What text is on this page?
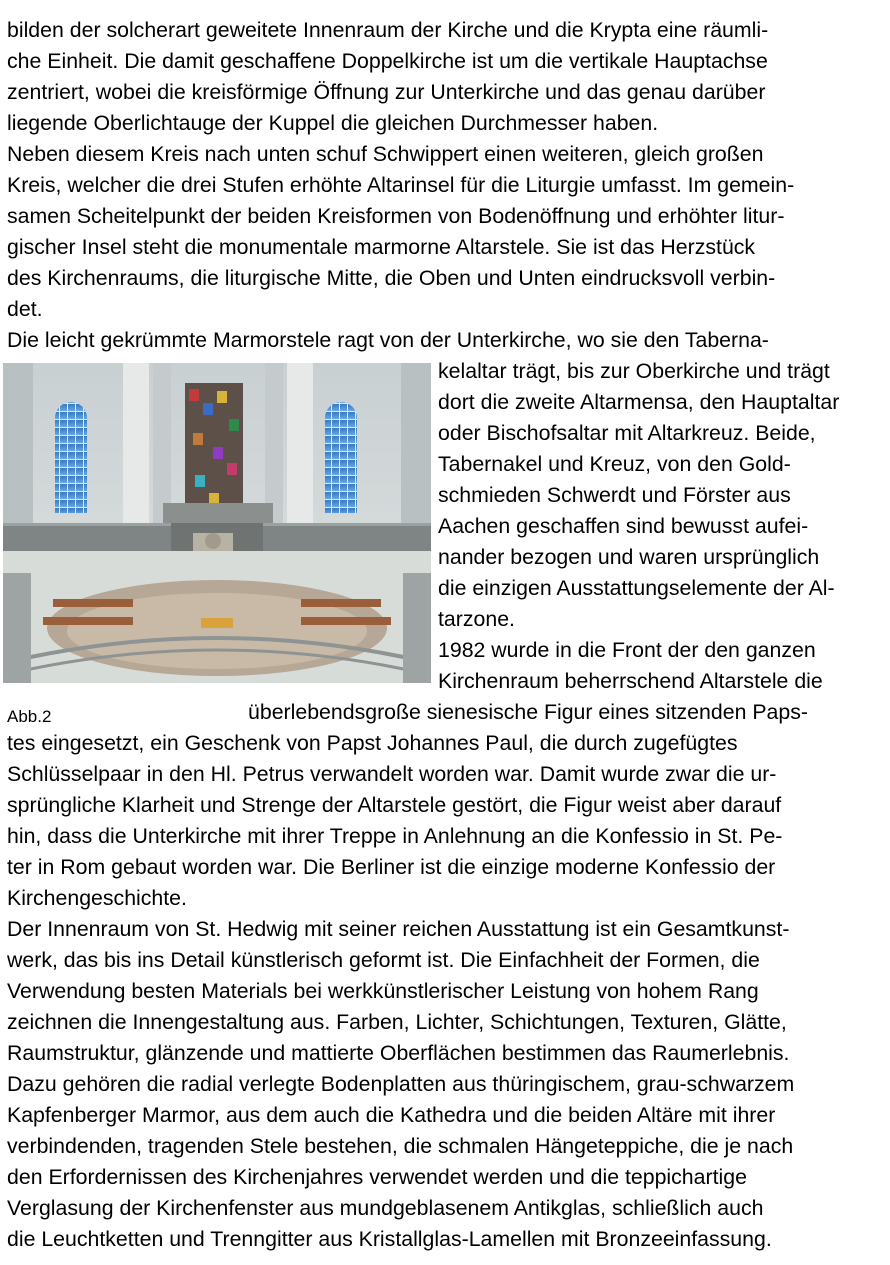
bilden der solcherart geweitete Innenraum der Kirche und die Krypta eine räumli-

che Einheit. Die damit geschaffene Doppelkirche ist um die vertikale Hauptachse

zentriert, wobei die kreisförmige Öffnung zur Unterkirche und das genau darüber

liegende Oberlichtauge der Kuppel die gleichen Durchmesser haben.

Neben diesem Kreis nach unten schuf Schwippert einen weiteren, gleich großen

Kreis, welcher die drei Stufen erhöhte Altarinsel für die Liturgie umfasst. Im gemein-

samen Scheitelpunkt der beiden Kreisformen von Bodenöffnung und erhöhter litur-

gischer Insel steht die monumentale marmorne Altarstele. Sie ist das Herzstück

des Kirchenraums, die liturgische Mitte, die Oben und Unten eindrucksvoll verbin-

det.

Die leicht gekrümmte Marmorstele ragt von der Unterkirche, wo sie den Taberna-

kelaltar trägt, bis zur Oberkirche und trägt

dort die zweite Altarmensa, den Hauptaltar

oder Bischofsaltar mit Altarkreuz. Beide,

Tabernakel und Kreuz, von den Gold-

schmieden Schwerdt und Förster aus

Aachen geschaffen sind bewusst aufei-

nander bezogen und waren ursprünglich

die einzigen Ausstattungselemente der Al-

tarzone.

1982 wurde in die Front der den ganzen

Kirchenraum beherrschend Altarstele die

Abb.2	überlebendsgroße sienesische Figur eines sitzenden Paps-

tes eingesetzt, ein Geschenk von Papst Johannes Paul, die durch zugefügtes

Schlüsselpaar in den Hl. Petrus verwandelt worden war. Damit wurde zwar die ur-

sprüngliche Klarheit und Strenge der Altarstele gestört, die Figur weist aber darauf

hin, dass die Unterkirche mit ihrer Treppe in Anlehnung an die Konfessio in St. Pe-

ter in Rom gebaut worden war. Die Berliner ist die einzige moderne Konfessio der

Kirchengeschichte.

Der Innenraum von St. Hedwig mit seiner reichen Ausstattung ist ein Gesamtkunst-

werk, das bis ins Detail künstlerisch geformt ist. Die Einfachheit der Formen, die

Verwendung besten Materials bei werkkünstlerischer Leistung von hohem Rang

zeichnen die Innengestaltung aus. Farben, Lichter, Schichtungen, Texturen, Glätte,

Raumstruktur, glänzende und mattierte Oberflächen bestimmen das Raumerlebnis.

Dazu gehören die radial verlegte Bodenplatten aus thüringischem, grau-schwarzem

Kapfenberger Marmor, aus dem auch die Kathedra und die beiden Altäre mit ihrer

verbindenden, tragenden Stele bestehen, die schmalen Hängeteppiche, die je nach

den Erfordernissen des Kirchenjahres verwendet werden und die teppichartige

Verglasung der Kirchenfenster aus mundgeblasenem Antikglas, schließlich auch

die Leuchtketten und Trenngitter aus Kristallglas-Lamellen mit Bronzeeinfassung.
